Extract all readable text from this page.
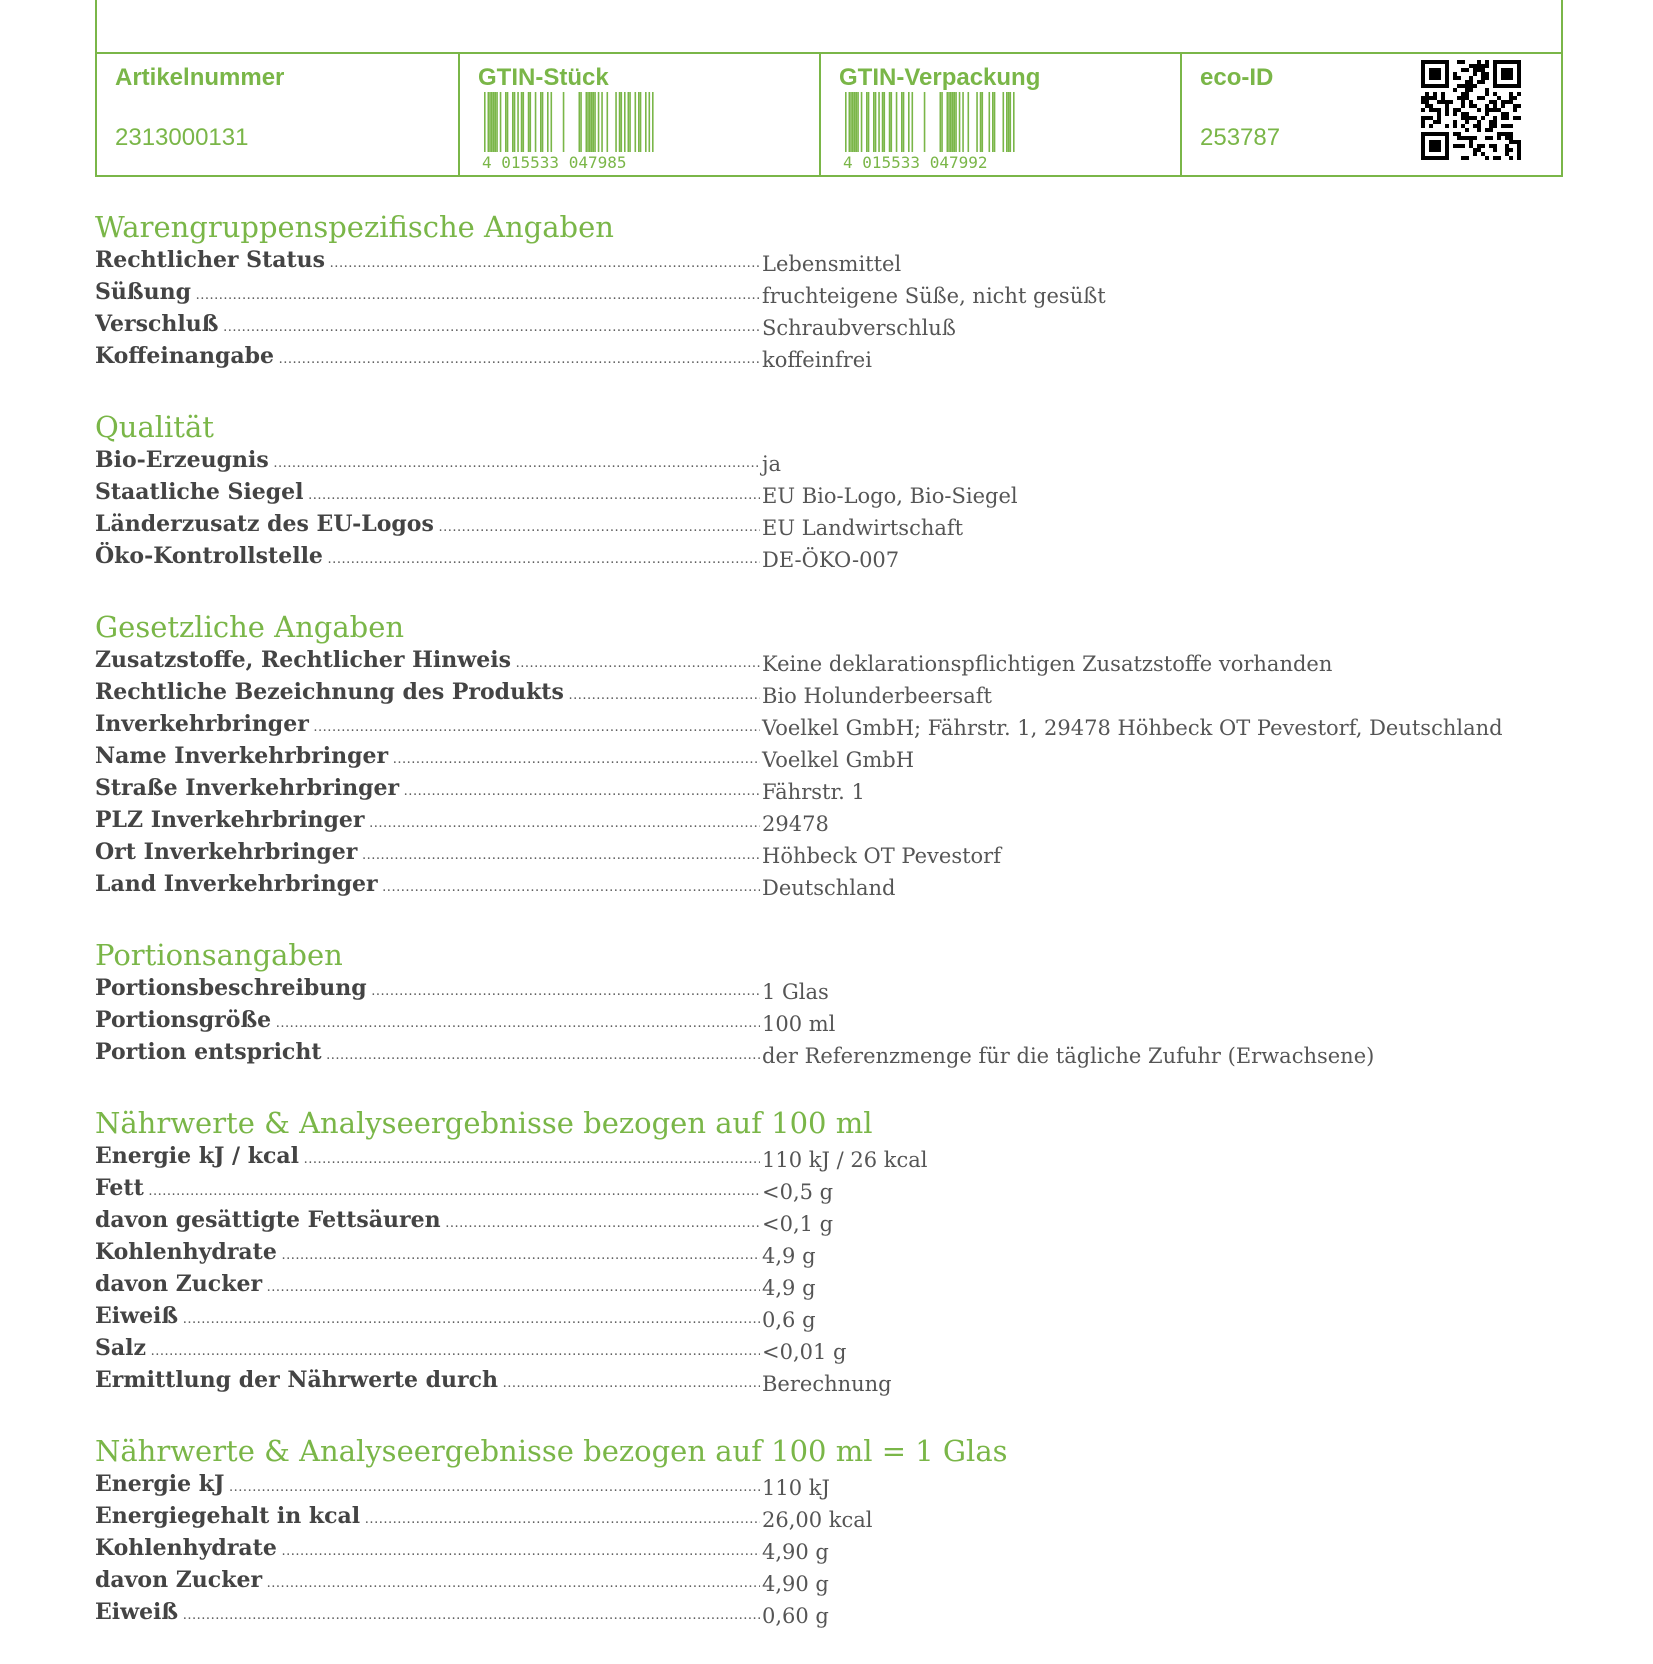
Artikelnummer
2313000131
GTIN-Stück
4 015533 047985
GTIN-Verpackung
4 015533 047992
eco-ID
253787
Warengruppenspezifische Angaben
Rechtlicher Status .....	Lebensmittel
Süßung .....	fruchteigene Süße, nicht gesüßt
Verschluß .....	Schraubverschluß
Koffeinangabe .....	koffeinfrei
Qualität
Bio-Erzeugnis .....	ja
Staatliche Siegel .....	EU Bio-Logo, Bio-Siegel
Länderzusatz des EU-Logos .....	EU Landwirtschaft
Öko-Kontrollstelle .....	DE-ÖKO-007
Gesetzliche Angaben
Zusatzstoffe, Rechtlicher Hinweis .....	Keine deklarationspflichtigen Zusatzstoffe vorhanden
Rechtliche Bezeichnung des Produkts .....	Bio Holunderbeersaft
Inverkehrbringer .....	Voelkel GmbH; Fährstr. 1, 29478 Höhbeck OT Pevestorf, Deutschland
Name Inverkehrbringer .....	Voelkel GmbH
Straße Inverkehrbringer .....	Fährstr. 1
PLZ Inverkehrbringer .....	29478
Ort Inverkehrbringer .....	Höhbeck OT Pevestorf
Land Inverkehrbringer .....	Deutschland
Portionsangaben
Portionsbeschreibung .....	1 Glas
Portionsgröße .....	100 ml
Portion entspricht .....	der Referenzmenge für die tägliche Zufuhr (Erwachsene)
Nährwerte & Analyseergebnisse bezogen auf 100 ml
Energie kJ / kcal .....	110 kJ / 26 kcal
Fett .....	<0,5 g
davon gesättigte Fettsäuren .....	<0,1 g
Kohlenhydrate .....	4,9 g
davon Zucker .....	4,9 g
Eiweiß .....	0,6 g
Salz .....	<0,01 g
Ermittlung der Nährwerte durch .....	Berechnung
Nährwerte & Analyseergebnisse bezogen auf 100 ml = 1 Glas
Energie kJ .....	110 kJ
Energiegehalt in kcal .....	26,00 kcal
Kohlenhydrate .....	4,90 g
davon Zucker .....	4,90 g
Eiweiß .....	0,60 g
